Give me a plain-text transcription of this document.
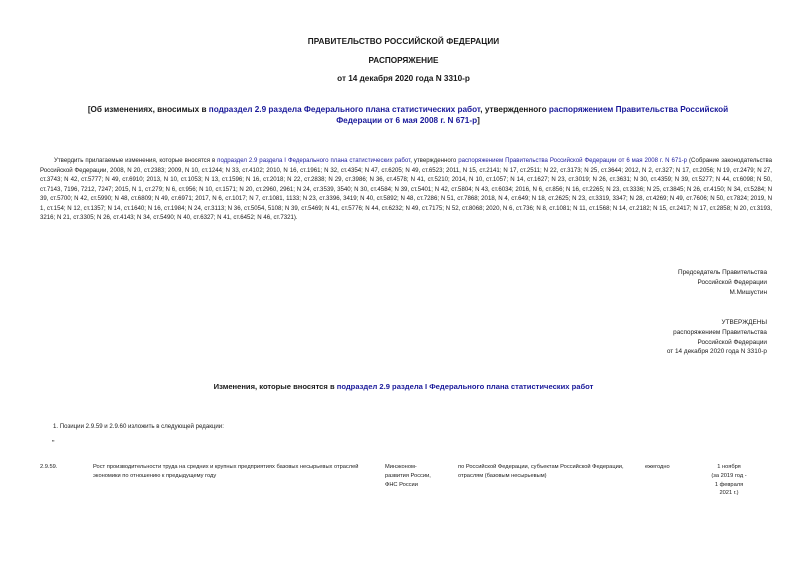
ПРАВИТЕЛЬСТВО РОССИЙСКОЙ ФЕДЕРАЦИИ
РАСПОРЯЖЕНИЕ
от 14 декабря 2020 года N 3310-р
[Об изменениях, вносимых в подраздел 2.9 раздела Федерального плана статистических работ, утвержденного распоряжением Правительства Российской Федерации от 6 мая 2008 г. N 671-р]
Утвердить прилагаемые изменения, которые вносятся в подраздел 2.9 раздела I Федерального плана статистических работ, утвержденного распоряжением Правительства Российской Федерации от 6 мая 2008 г. N 671-р (Собрание законодательства Российской Федерации, 2008, N 20, ст.2383; 2009, N 10, ст.1244; N 33, ст.4102; 2010, N 16, ст.1961; N 32, ст.4354; N 47, ст.6205; N 49, ст.6523; 2011, N 15, ст.2141; N 17, ст.2511; N 22, ст.3173; N 25, ст.3644; 2012, N 2, ст.327; N 17, ст.2056; N 19, ст.2479; N 27, ст.3743; N 42, ст.5777; N 49, ст.6910; 2013, N 10, ст.1053; N 13, ст.1596; N 16, ст.2018; N 22, ст.2838; N 29, ст.3986; N 36, ст.4578; N 41, ст.5210; 2014, N 10, ст.1057; N 14, ст.1627; N 23, ст.3019; N 26, ст.3631; N 30, ст.4359; N 39, ст.5277; N 44, ст.6098; N 50, ст.7143, 7196, 7212, 7247; 2015, N 1, ст.279; N 6, ст.956; N 10, ст.1571; N 20, ст.2960, 2961; N 24, ст.3539, 3540; N 30, ст.4584; N 39, ст.5401; N 42, ст.5804; N 43, ст.6034; 2016, N 6, ст.856; N 16, ст.2265; N 23, ст.3336; N 25, ст.3845; N 26, ст.4150; N 34, ст.5284; N 39, ст.5700; N 42, ст.5990; N 48, ст.6809; N 49, ст.6971; 2017, N 6, ст.1017; N 7, ст.1081, 1133; N 23, ст.3396, 3419; N 40, ст.5892; N 48, ст.7286; N 51, ст.7868; 2018, N 4, ст.649; N 18, ст.2625; N 23, ст.3319, 3347; N 28, ст.4269; N 49, ст.7606; N 50, ст.7824; 2019, N 1, ст.154; N 12, ст.1357; N 14, ст.1640; N 16, ст.1984; N 24, ст.3113; N 36, ст.5054, 5108; N 39, ст.5469; N 41, ст.5776; N 44, ст.6232; N 49, ст.7175; N 52, ст.8068; 2020, N 6, ст.736; N 8, ст.1081; N 11, ст.1568; N 14, ст.2182; N 15, ст.2417; N 17, ст.2858; N 20, ст.3193, 3216; N 21, ст.3305; N 26, ст.4143; N 34, ст.5490; N 40, ст.6327; N 41, ст.6452; N 46, ст.7321).
Председатель Правительства
Российской Федерации
М.Мишустин
УТВЕРЖДЕНЫ
распоряжением Правительства
Российской Федерации
от 14 декабря 2020 года N 3310-р
Изменения, которые вносятся в подраздел 2.9 раздела I Федерального плана статистических работ
1. Позиции 2.9.59 и 2.9.60 изложить в следующей редакции:
"
2.9.59.	Рост производительности труда на средних и крупных предприятиях базовых несырьевых отраслей экономики по отношению к предыдущему году
Минэконом-
развития России,
ФНС России
по Российской Федерации, субъектам Российской Федерации, отраслям (базовым несырьевым)
ежегодно	1 ноября
(за 2019 год -
1 февраля
2021 г.)
